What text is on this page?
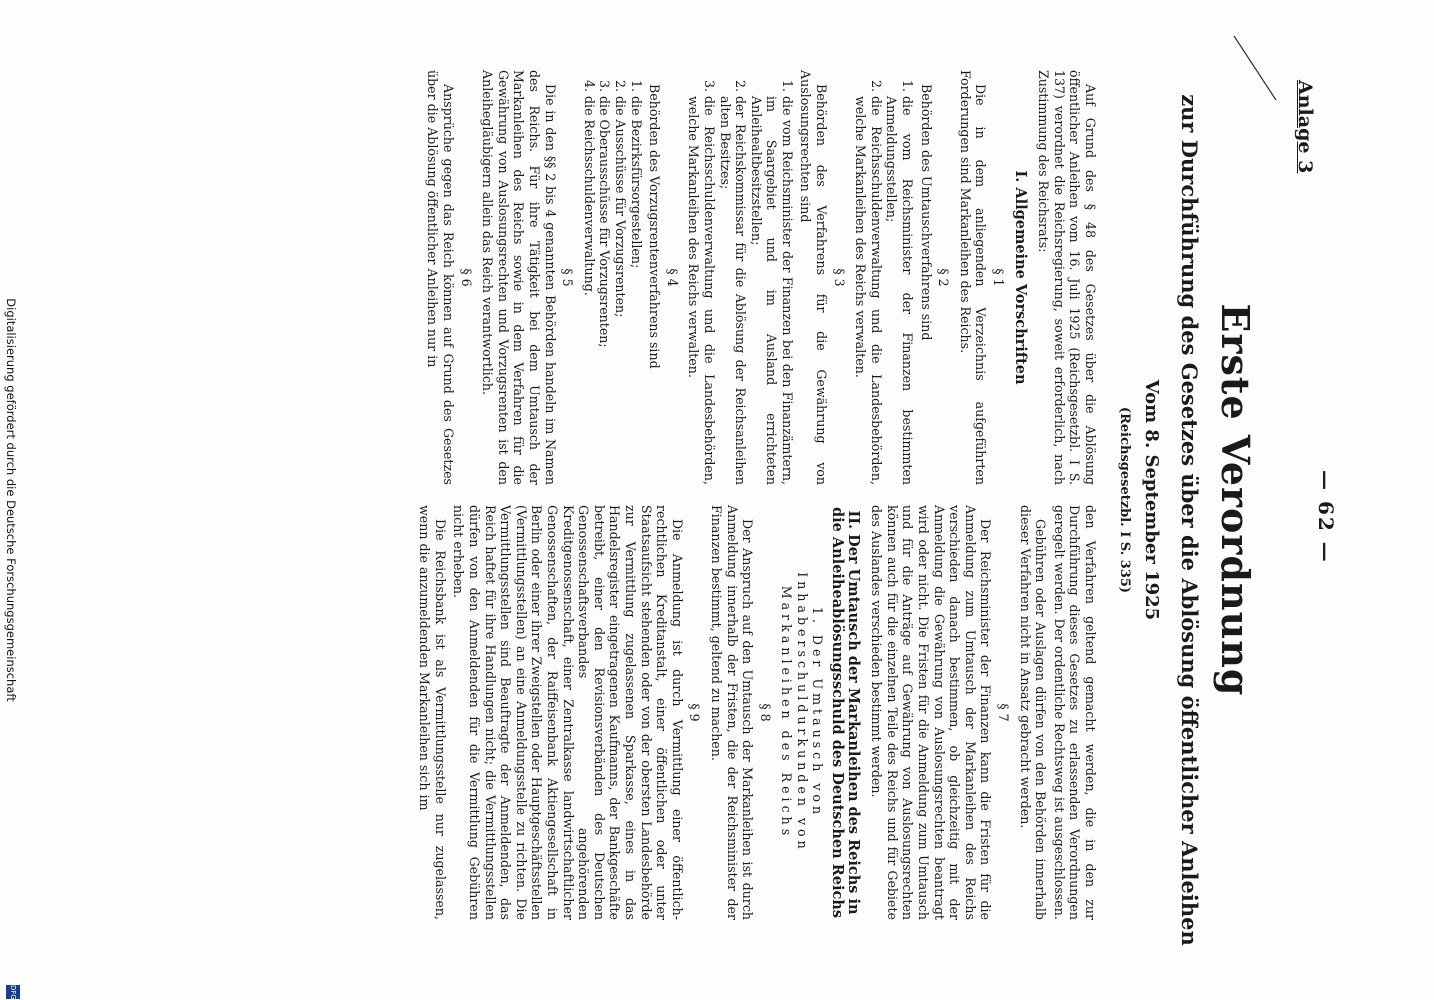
Anlage 3
— 62 —
Erste Verordnung
zur Durchführung des Gesetzes über die Ablösung öffentlicher Anleihen
Vom 8. September 1925
(Reichsgesetzbl. I S. 335)

Auf Grund des § 48 des Gesetzes über die Ablösung öffentlicher Anleihen vom 16. Juli 1925 (Reichsgesetzbl. I S. 137) verordnet die Reichsregierung, soweit erforderlich, nach Zustimmung des Reichsrats:

I. Allgemeine Vorschriften

§ 1

Die in dem anliegenden Verzeichnis aufgeführten Forderungen sind Markanleihen des Reichs.

§ 2

Behörden des Umtauschverfahrens sind

1. die vom Reichsminister der Finanzen bestimmten Anmeldungsstellen;
2. die Reichsschuldenverwaltung und die Landesbehörden, welche Markanleihen des Reichs verwalten.

§ 3

Behörden des Verfahrens für die Gewährung von Auslosungsrechten sind

1. die vom Reichsminister der Finanzen bei den Finanzämtern, im Saargebiet und im Ausland errichteten Anleihealtbesitzstellen;
2. der Reichskommissar für die Ablösung der Reichsanleihen alten Besitzes;
3. die Reichsschuldenverwaltung und die Landesbehörden, welche Markanleihen des Reichs verwalten.

§ 4

Behörden des Vorzugsrentenverfahrens sind

1. die Bezirksfürsorgestellen;
2. die Ausschüsse für Vorzugsrenten;
3. die Oberausschüsse für Vorzugsrenten;
4. die Reichsschuldenverwaltung.

§ 5

Die in den §§ 2 bis 4 genannten Behörden handeln im Namen des Reichs. Für ihre Tätigkeit bei dem Umtausch der Markanleihen des Reichs sowie in dem Verfahren für die Gewährung von Auslosungsrechten und Vorzugsrenten ist den Anleihegläubigern allein das Reich verantwortlich.

§ 6

Ansprüche gegen das Reich können auf Grund des Gesetzes über die Ablösung öffentlicher Anleihen nur in

den Verfahren geltend gemacht werden, die in den zur Durchführung dieses Gesetzes zu erlassenden Verordnungen geregelt werden. Der ordentliche Rechtsweg ist ausgeschlossen.

Gebühren oder Auslagen dürfen von den Behörden innerhalb dieser Verfahren nicht in Ansatz gebracht werden.

§ 7

Der Reichsminister der Finanzen kann die Fristen für die Anmeldung zum Umtausch der Markanleihen des Reichs verschieden danach bestimmen, ob gleichzeitig mit der Anmeldung die Gewährung von Auslosungsrechten beantragt wird oder nicht. Die Fristen für die Anmeldung zum Umtausch und für die Anträge auf Gewährung von Auslosungsrechten können auch für die einzelnen Teile des Reichs und für Gebiete des Auslandes verschieden bestimmt werden.

II. Der Umtausch der Markanleihen des Reichs in die Anleiheablösungsschuld des Deutschen Reichs

1. Der Umtausch von Inhaberschuldurkunden von Markanleihen des Reichs

§ 8

Der Anspruch auf den Umtausch der Markanleihen ist durch Anmeldung innerhalb der Fristen, die der Reichsminister der Finanzen bestimmt, geltend zu machen.

§ 9

Die Anmeldung ist durch Vermittlung einer öffentlich-rechtlichen Kreditanstalt, einer öffentlichen oder unter Staatsaufsicht stehenden oder von der obersten Landesbehörde zur Vermittlung zugelassenen Sparkasse, eines in das Handelsregister eingetragenen Kaufmanns, der Bankgeschäfte betreibt, einer den Revisionsverbänden des Deutschen Genossenschaftsverbandes angehörenden Kreditgenossenschaft, einer Zentralkasse landwirtschaftlicher Genossenschaften, der Raiffeisenbank Aktiengesellschaft in Berlin oder einer ihrer Zweigstellen oder Hauptgeschäftsstellen (Vermittlungsstellen) an eine Anmeldungsstelle zu richten. Die Vermittlungsstellen sind Beauftragte der Anmeldenden, das Reich haftet für ihre Handlungen nicht; die Vermittlungsstellen dürfen von den Anmeldenden für die Vermittlung Gebühren nicht erheben.

Die Reichsbank ist als Vermittlungsstelle nur zugelassen, wenn die anzumeldenden Markanleihen sich im

Digitalisierung gefördert durch die Deutsche Forschungsgemeinschaft
DFG
